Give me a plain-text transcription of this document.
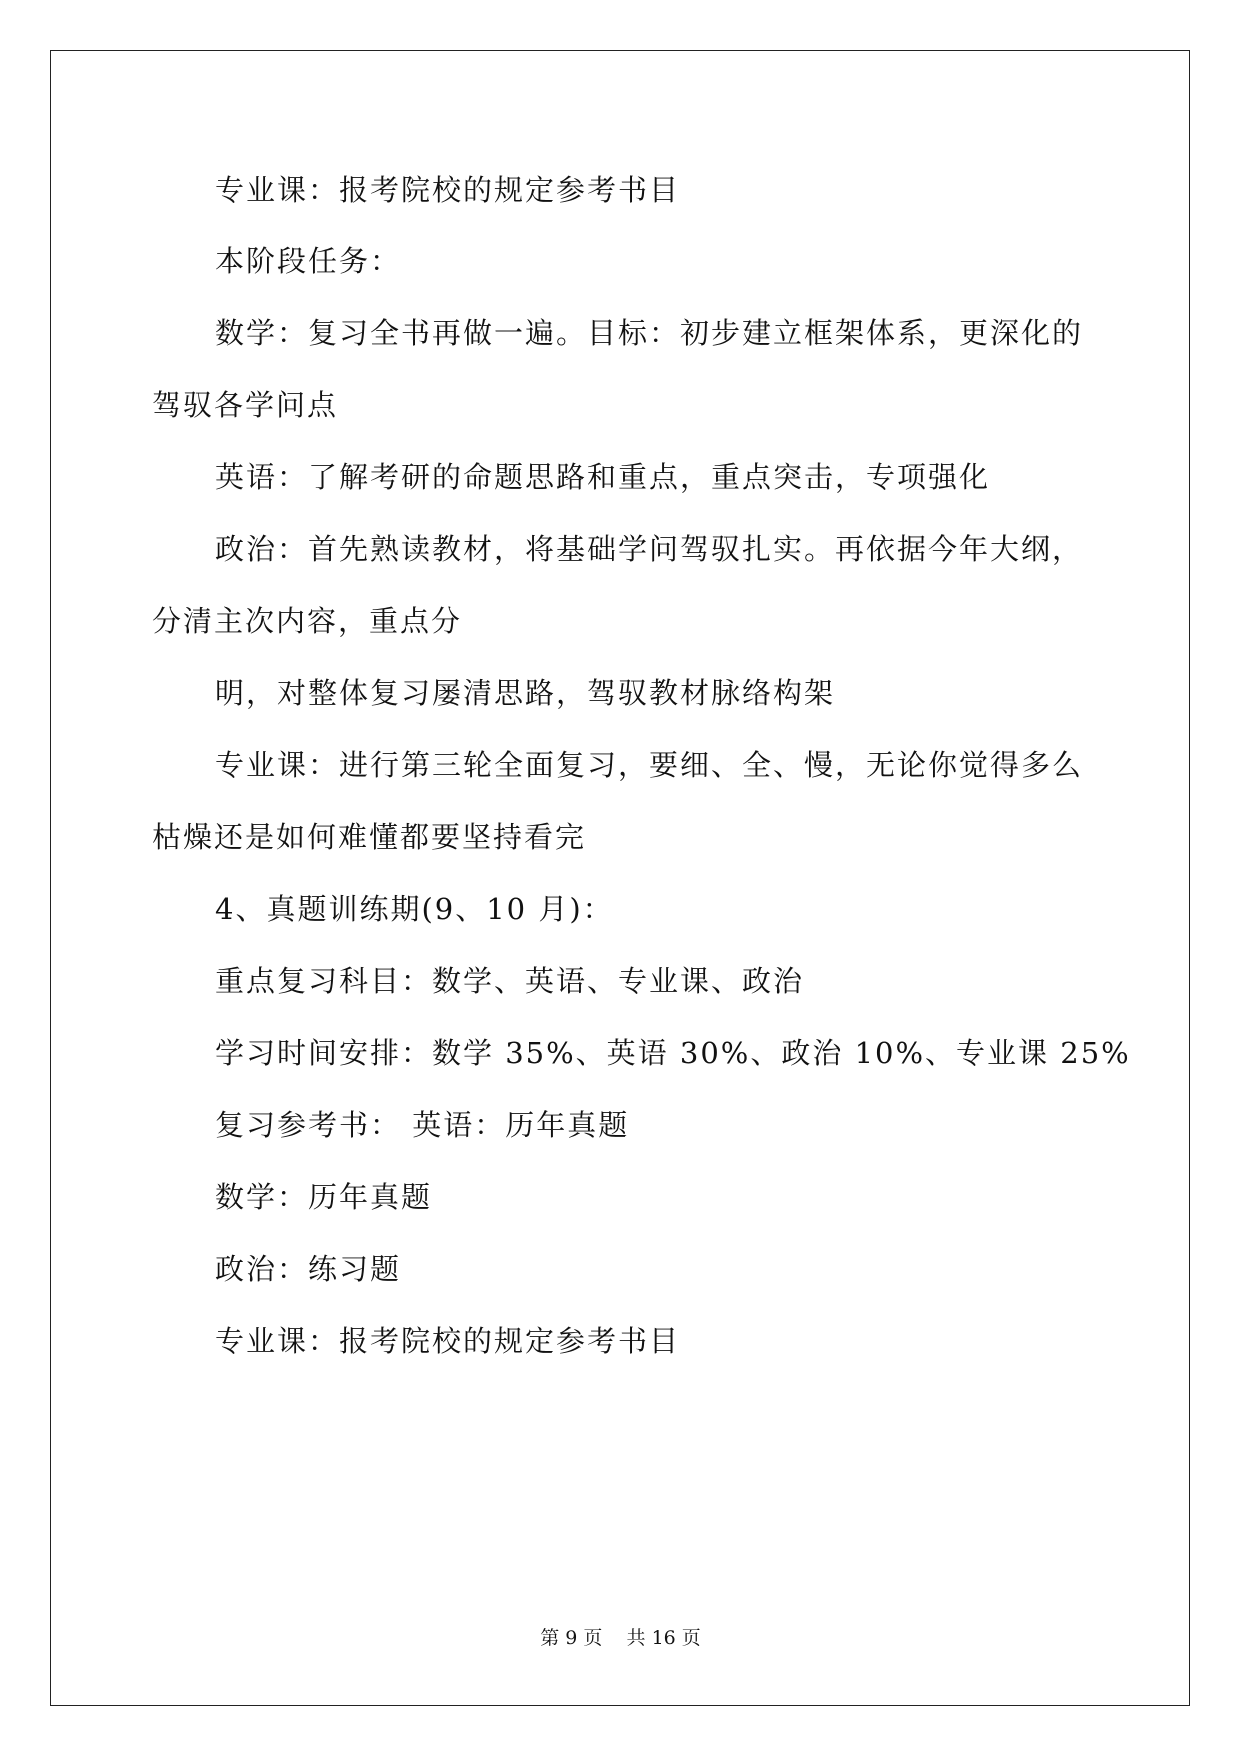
专业课：报考院校的规定参考书目
本阶段任务：
数学：复习全书再做一遍。目标：初步建立框架体系，更深化的
驾驭各学问点
英语：了解考研的命题思路和重点，重点突击，专项强化
政治：首先熟读教材，将基础学问驾驭扎实。再依据今年大纲，
分清主次内容，重点分
明，对整体复习屡清思路，驾驭教材脉络构架
专业课：进行第三轮全面复习，要细、全、慢，无论你觉得多么
枯燥还是如何难懂都要坚持看完
4、真题训练期(9、10 月)：
重点复习科目：数学、英语、专业课、政治
学习时间安排：数学 35%、英语 30%、政治 10%、专业课 25%
复习参考书： 英语：历年真题
数学：历年真题
政治：练习题
专业课：报考院校的规定参考书目
第 9 页    共 16 页
